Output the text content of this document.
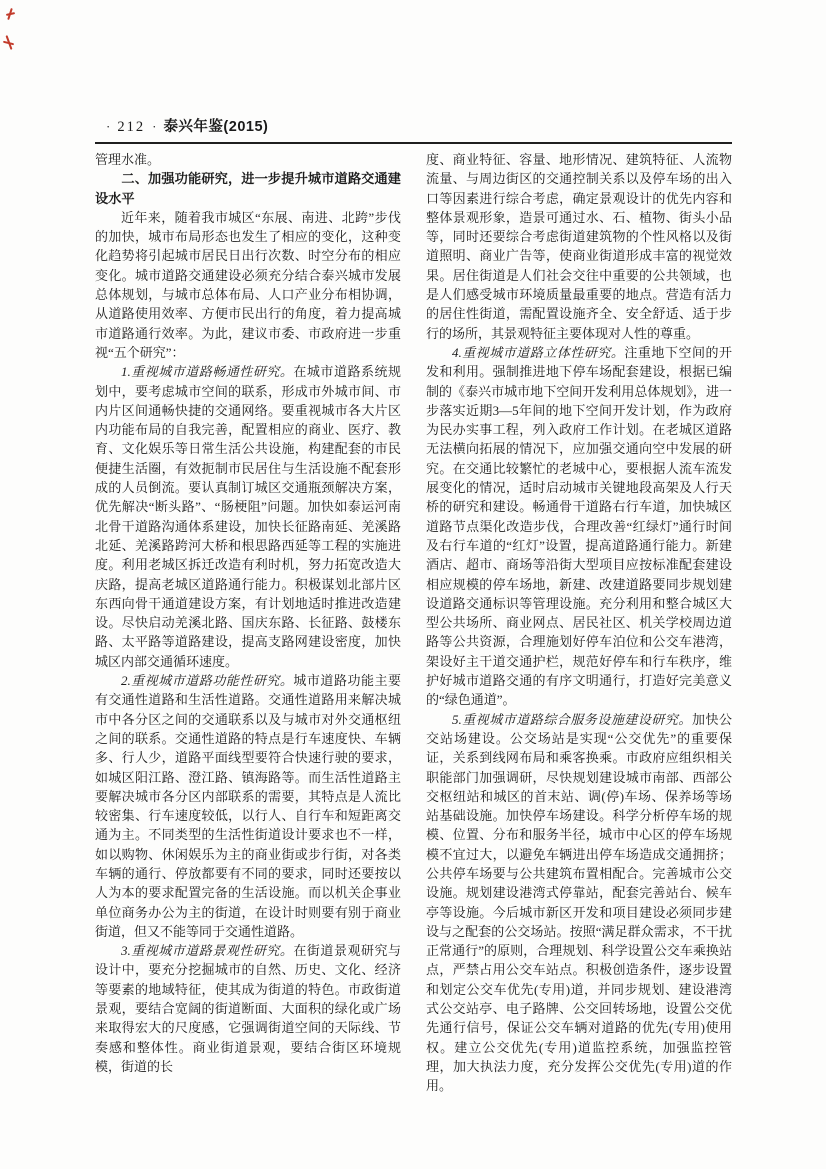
· 212 · 泰兴年鉴(2015)

管理水准。

二、加强功能研究，进一步提升城市道路交通建设水平

近年来，随着我市城区“东展、南进、北跨”步伐的加快，城市布局形态也发生了相应的变化，这种变化趋势将引起城市居民日出行次数、时空分布的相应变化。城市道路交通建设必须充分结合泰兴城市发展总体规划，与城市总体布局、人口产业分布相协调，从道路使用效率、方便市民出行的角度，着力提高城市道路通行效率。为此，建议市委、市政府进一步重视“五个研究”：

1.重视城市道路畅通性研究。在城市道路系统规划中，要考虑城市空间的联系，形成市外城市间、市内片区间通畅快捷的交通网络。要重视城市各大片区内功能布局的自我完善，配置相应的商业、医疗、教育、文化娱乐等日常生活公共设施，构建配套的市民便捷生活圈，有效扼制市民居住与生活设施不配套形成的人员倒流。要认真制订城区交通瓶颈解决方案，优先解决“断头路”、“肠梗阻”问题。加快如泰运河南北骨干道路沟通体系建设，加快长征路南延、羌溪路北延、羌溪路跨河大桥和根思路西延等工程的实施进度。利用老城区拆迁改造有利时机，努力拓宽改造大庆路，提高老城区道路通行能力。积极谋划北部片区东西向骨干通道建设方案，有计划地适时推进改造建设。尽快启动羌溪北路、国庆东路、长征路、鼓楼东路、太平路等道路建设，提高支路网建设密度，加快城区内部交通循环速度。

2.重视城市道路功能性研究。城市道路功能主要有交通性道路和生活性道路。交通性道路用来解决城市中各分区之间的交通联系以及与城市对外交通枢纽之间的联系。交通性道路的特点是行车速度快、车辆多、行人少，道路平面线型要符合快速行驶的要求，如城区阳江路、澄江路、镇海路等。而生活性道路主要解决城市各分区内部联系的需要，其特点是人流比较密集、行车速度较低，以行人、自行车和短距离交通为主。不同类型的生活性街道设计要求也不一样，如以购物、休闲娱乐为主的商业街或步行街，对各类车辆的通行、停放都要有不同的要求，同时还要按以人为本的要求配置完备的生活设施。而以机关企事业单位商务办公为主的街道，在设计时则要有别于商业街道，但又不能等同于交通性道路。

3.重视城市道路景观性研究。在街道景观研究与设计中，要充分挖掘城市的自然、历史、文化、经济等要素的地域特征，使其成为街道的特色。市政街道景观，要结合宽阔的街道断面、大面积的绿化或广场来取得宏大的尺度感，它强调街道空间的天际线、节奏感和整体性。商业街道景观，要结合街区环境规模，街道的长

度、商业特征、容量、地形情况、建筑特征、人流物流量、与周边街区的交通控制关系以及停车场的出入口等因素进行综合考虑，确定景观设计的优先内容和整体景观形象，造景可通过水、石、植物、街头小品等，同时还要综合考虑街道建筑物的个性风格以及街道照明、商业广告等，使商业街道形成丰富的视觉效果。居住街道是人们社会交往中重要的公共领域，也是人们感受城市环境质量最重要的地点。营造有活力的居住性街道，需配置设施齐全、安全舒适、适于步行的场所，其景观特征主要体现对人性的尊重。

4.重视城市道路立体性研究。注重地下空间的开发和利用。强制推进地下停车场配套建设，根据已编制的《泰兴市城市地下空间开发利用总体规划》，进一步落实近期3—5年间的地下空间开发计划，作为政府为民办实事工程，列入政府工作计划。在老城区道路无法横向拓展的情况下，应加强交通向空中发展的研究。在交通比较繁忙的老城中心，要根据人流车流发展变化的情况，适时启动城市关键地段高架及人行天桥的研究和建设。畅通骨干道路右行车道，加快城区道路节点渠化改造步伐，合理改善“红绿灯”通行时间及右行车道的“红灯”设置，提高道路通行能力。新建酒店、超市、商场等沿街大型项目应按标准配套建设相应规模的停车场地，新建、改建道路要同步规划建设道路交通标识等管理设施。充分利用和整合城区大型公共场所、商业网点、居民社区、机关学校周边道路等公共资源，合理施划好停车泊位和公交车港湾，架设好主干道交通护栏，规范好停车和行车秩序，维护好城市道路交通的有序文明通行，打造好完美意义的“绿色通道”。

5.重视城市道路综合服务设施建设研究。加快公交站场建设。公交场站是实现“公交优先”的重要保证，关系到线网布局和乘客换乘。市政府应组织相关职能部门加强调研，尽快规划建设城市南部、西部公交枢纽站和城区的首末站、调(停)车场、保养场等场站基础设施。加快停车场建设。科学分析停车场的规模、位置、分布和服务半径，城市中心区的停车场规模不宜过大，以避免车辆进出停车场造成交通拥挤；公共停车场要与公共建筑布置相配合。完善城市公交设施。规划建设港湾式停靠站，配套完善站台、候车亭等设施。今后城市新区开发和项目建设必须同步建设与之配套的公交场站。按照“满足群众需求，不干扰正常通行”的原则，合理规划、科学设置公交车乘换站点，严禁占用公交车站点。积极创造条件，逐步设置和划定公交车优先(专用)道，并同步规划、建设港湾式公交站亭、电子路牌、公交回转场地，设置公交优先通行信号，保证公交车辆对道路的优先(专用)使用权。建立公交优先(专用)道监控系统，加强监控管理，加大执法力度，充分发挥公交优先(专用)道的作用。
